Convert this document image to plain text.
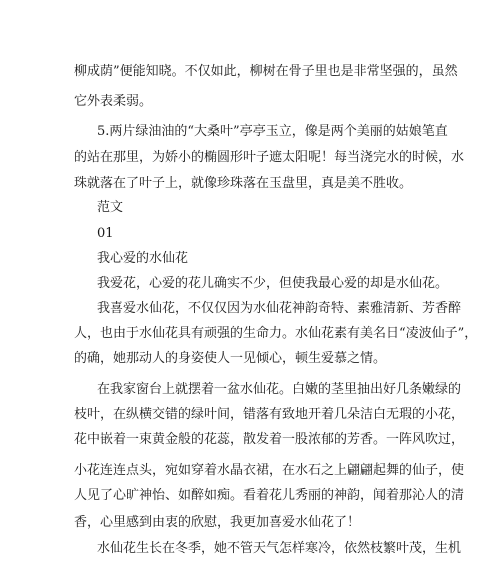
柳成荫”便能知晓。不仅如此，柳树在骨子里也是非常坚强的，虽然
它外表柔弱。
5.两片绿油油的“大桑叶”亭亭玉立，像是两个美丽的姑娘笔直
的站在那里，为娇小的椭圆形叶子遮太阳呢！每当浇完水的时候，水
珠就落在了叶子上，就像珍珠落在玉盘里，真是美不胜收。
范文
01
我心爱的水仙花
我爱花，心爱的花儿确实不少，但使我最心爱的却是水仙花。
我喜爱水仙花，不仅仅因为水仙花神韵奇特、素雅清新、芳香醉
人，也由于水仙花具有顽强的生命力。水仙花素有美名日“凌波仙子”，
的确，她那动人的身姿使人一见倾心，顿生爱慕之情。
在我家窗台上就摆着一盆水仙花。白嫩的茎里抽出好几条嫩绿的
枝叶，在纵横交错的绿叶间，错落有致地开着几朵洁白无瑕的小花，
花中嵌着一束黄金般的花蕊，散发着一股浓郁的芳香。一阵风吹过，
小花连连点头，宛如穿着水晶衣裙，在水石之上翩翩起舞的仙子，使
人见了心旷神怡、如醉如痴。看着花儿秀丽的神韵，闻着那沁人的清
香，心里感到由衷的欣慰，我更加喜爱水仙花了！
水仙花生长在冬季，她不管天气怎样寒冷，依然枝繁叶茂，生机
